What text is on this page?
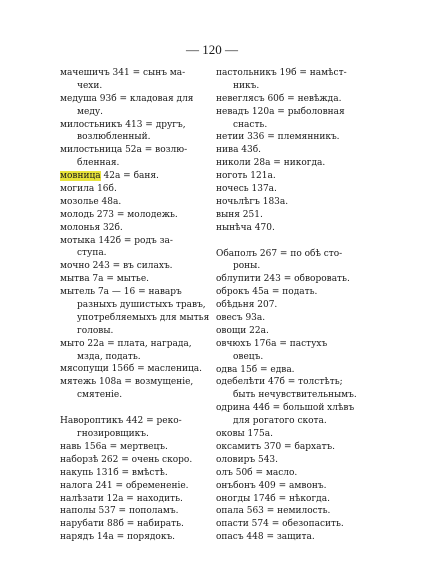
— 120 —
мачешичъ 341 = сынъ ма-
чехи.
медуша 93б = кладовая для
меду.
милостьникъ 413 = другъ,
возлюбленный.
милостьница 52а = возлю-
бленная.
мовница 42а = баня.
могила 16б.
мозолье 48а.
молодь 273 = молодежь.
молонья 32б.
мотыка 142б = родъ за-
ступа.
мочно 243 = въ силахъ.
мытва 7а = мытье.
мытель 7а — 16 = наваръ
разныхъ душистыхъ травъ,
употребляемыхъ для мытья
головы.
мыто 22а = плата, награда,
мзда, подать.
мясопущи 156б = масленица.
мятежь 108а = возмущеніе,
смятеніе.
Навороптикъ 442 = реко-
гнозировщикъ.
навь 156а = мертвецъ.
наборзѣ 262 = очень скоро.
накупь 131б = вмѣстѣ.
налога 241 = обремененіе.
налѣзати 12а = находить.
наполы 537 = пополамъ.
нарубати 88б = набирать.
нарядъ 14а = порядокъ.
пастольникъ 19б = намѣст-
никъ.
невеглясъ 60б = невѣжда.
невадъ 120а = рыболовная
снасть.
нетии 336 = племянникъ.
нива 43б.
николи 28а = никогда.
ноготь 121а.
ночесь 137а.
ночьлѣгъ 183а.
выня 251.
нынѣча 470.
Обаполъ 267 = по обѣ сто-
роны.
облупити 243 = обворовать.
оброкъ 45а = подать.
обѣдьня 207.
овесъ 93а.
овощи 22а.
овчюхъ 176а = пастухъ
овецъ.
одва 15б = едва.
одебелѣти 47б = толстѣть;
быть нечувствительнымъ.
одрина 44б = большой хлѣвъ
для рогатого скота.
оковы 175а.
оксамитъ 370 = бархатъ.
оловиръ 543.
олъ 50б = масло.
онъбонъ 409 = амвонъ.
оногды 174б = нѣкогда.
опала 563 = немилость.
опасти 574 = обезопасить.
опасъ 448 = защита.
